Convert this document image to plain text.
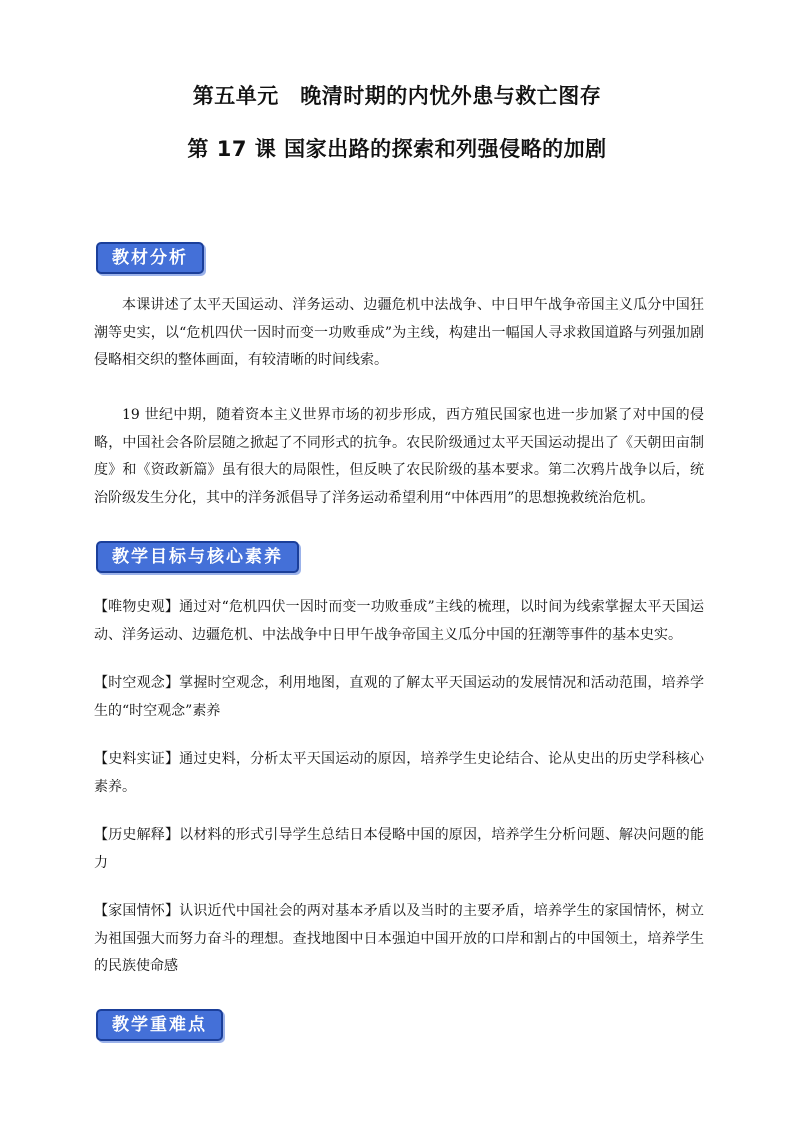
第五单元　晚清时期的内忧外患与救亡图存
第 17 课 国家出路的探索和列强侵略的加剧
教材分析

本课讲述了太平天国运动、洋务运动、边疆危机中法战争、中日甲午战争帝国主义瓜分中国狂潮等史实，以“危机四伏一因时而变一功败垂成”为主线，构建出一幅国人寻求救国道路与列强加剧侵略相交织的整体画面，有较清晰的时间线索。

19 世纪中期，随着资本主义世界市场的初步形成，西方殖民国家也进一步加紧了对中国的侵略，中国社会各阶层随之掀起了不同形式的抗争。农民阶级通过太平天国运动提出了《天朝田亩制度》和《资政新篇》虽有很大的局限性，但反映了农民阶级的基本要求。第二次鸦片战争以后，统治阶级发生分化，其中的洋务派倡导了洋务运动希望利用“中体西用”的思想挽救统治危机。

教学目标与核心素养

【唯物史观】通过对“危机四伏一因时而变一功败垂成”主线的梳理，以时间为线索掌握太平天国运动、洋务运动、边疆危机、中法战争中日甲午战争帝国主义瓜分中国的狂潮等事件的基本史实。

【时空观念】掌握时空观念，利用地图，直观的了解太平天国运动的发展情况和活动范围，培养学生的“时空观念”素养

【史料实证】通过史料，分析太平天国运动的原因，培养学生史论结合、论从史出的历史学科核心素养。

【历史解释】以材料的形式引导学生总结日本侵略中国的原因，培养学生分析问题、解决问题的能力

【家国情怀】认识近代中国社会的两对基本矛盾以及当时的主要矛盾，培养学生的家国情怀，树立为祖国强大而努力奋斗的理想。查找地图中日本强迫中国开放的口岸和割占的中国领土，培养学生的民族使命感

教学重难点
